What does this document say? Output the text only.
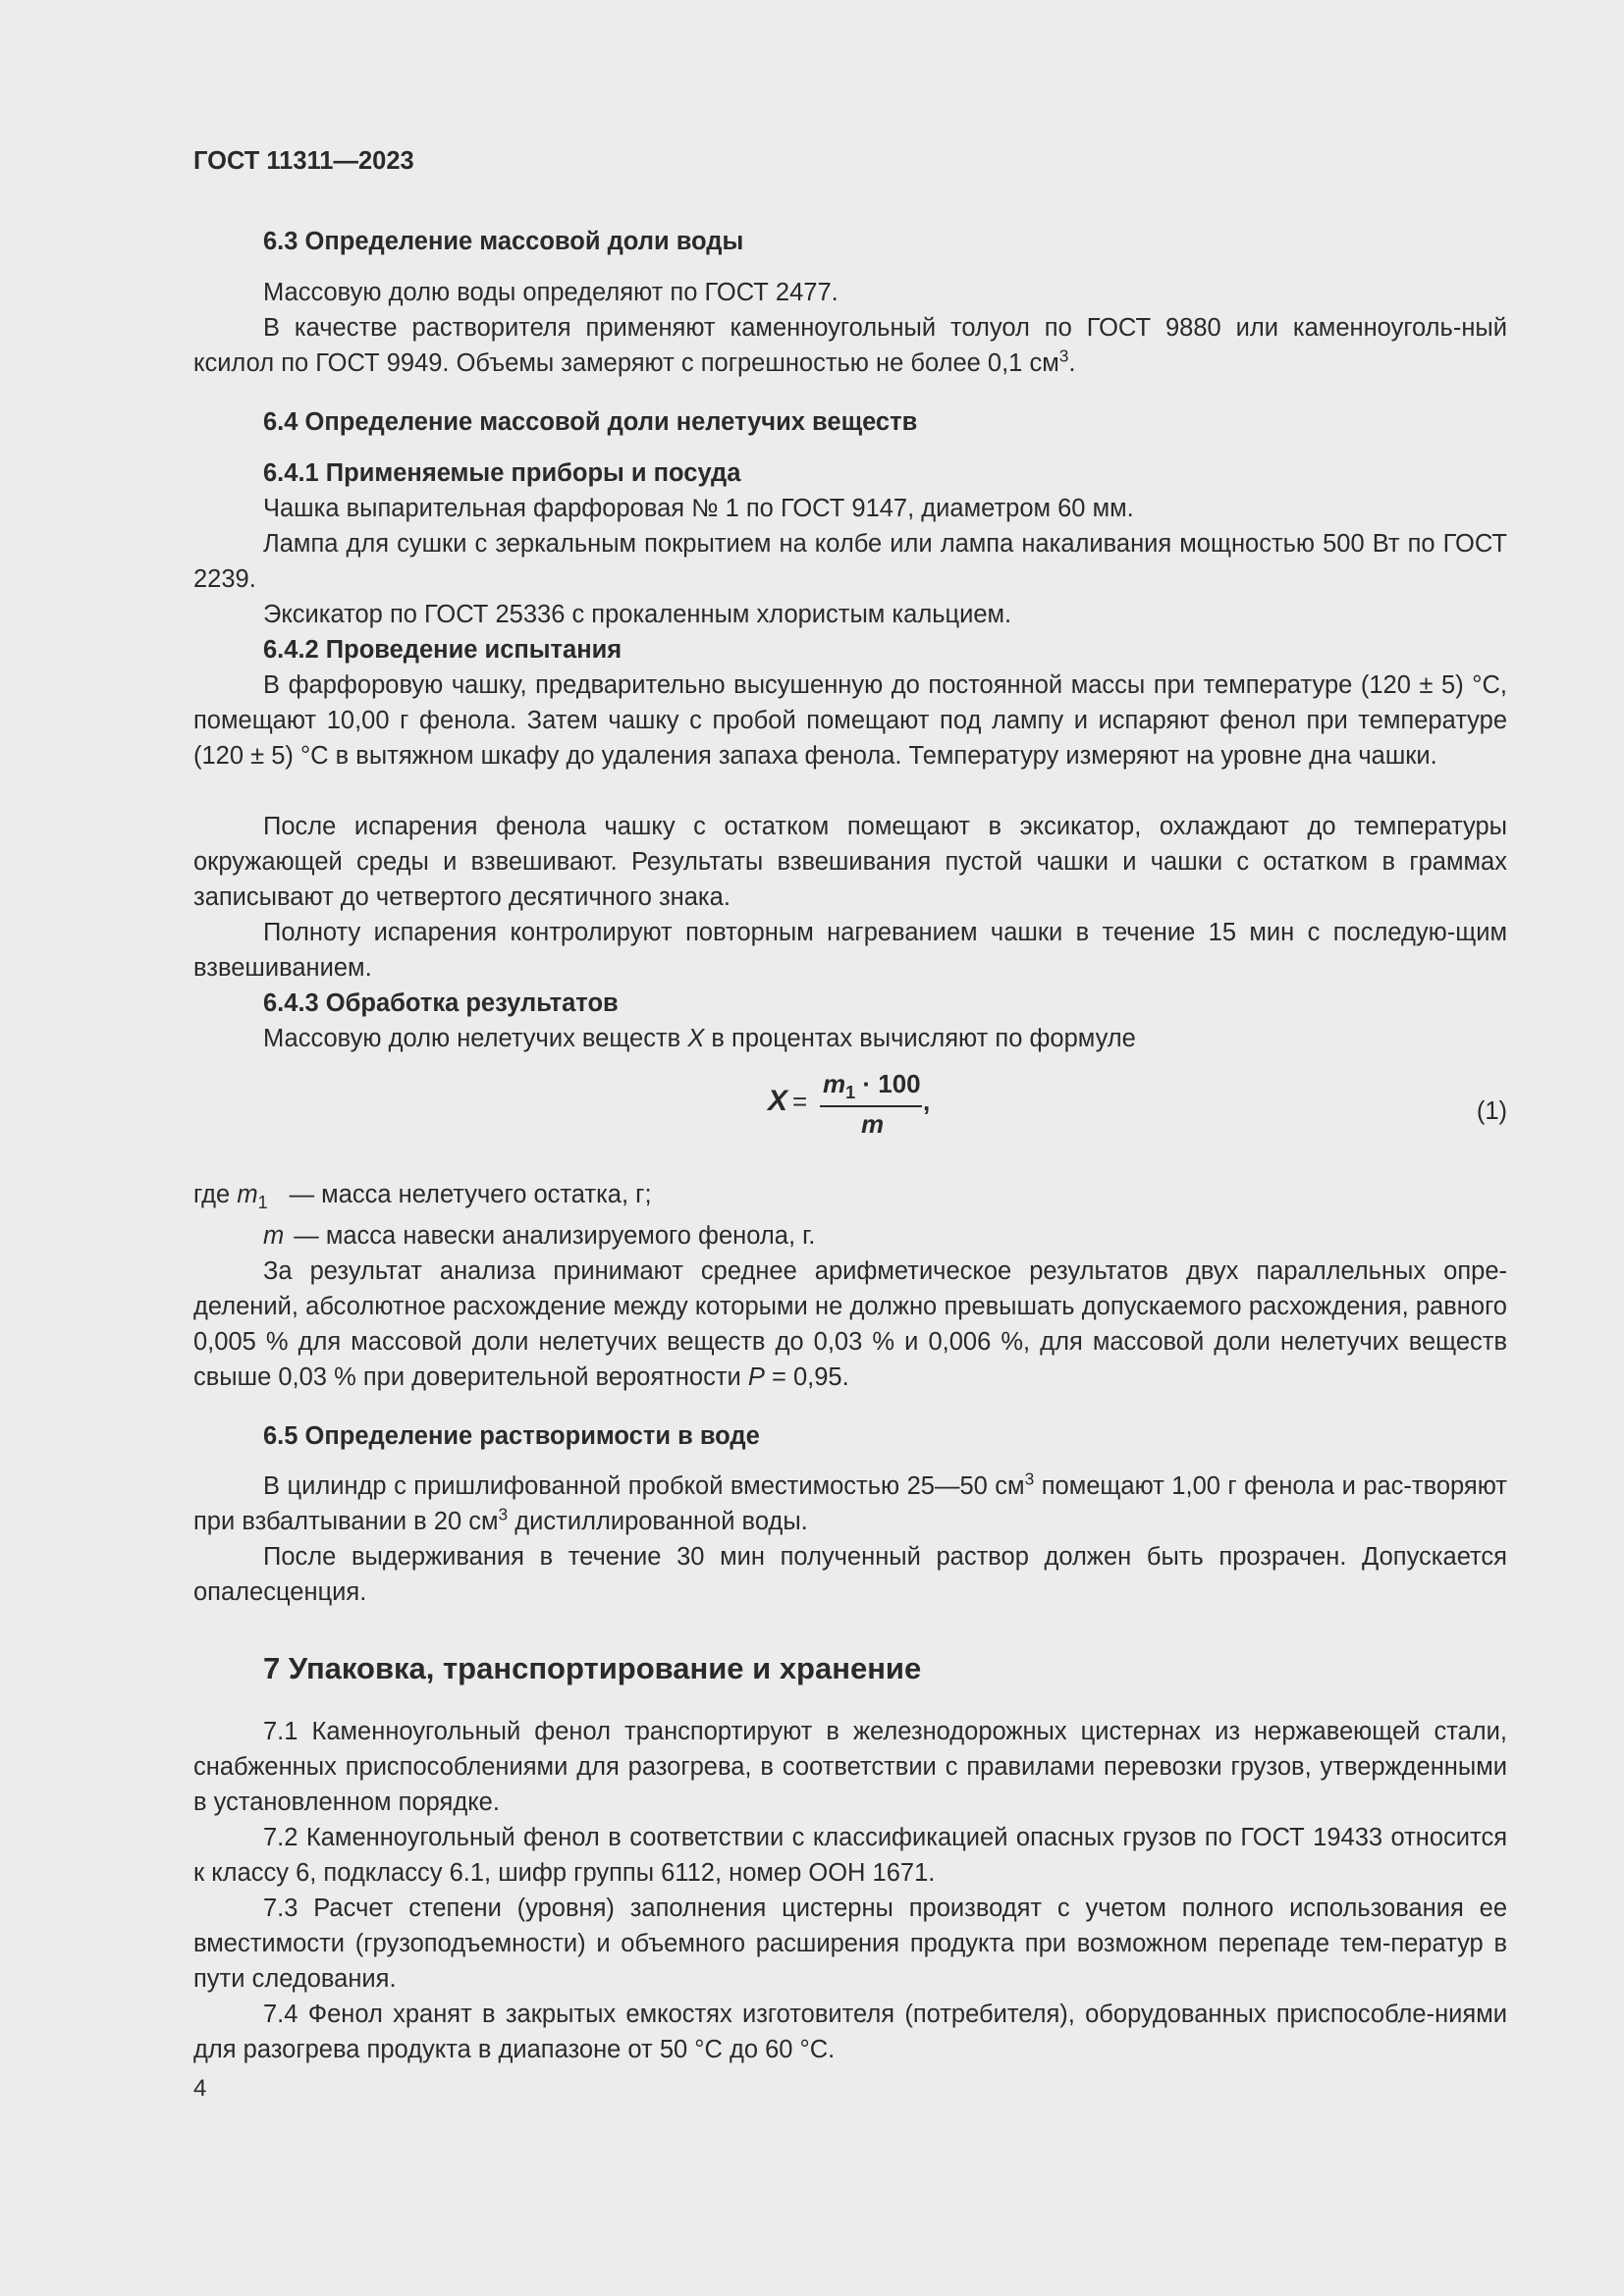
ГОСТ 11311—2023
6.3 Определение массовой доли воды

Массовую долю воды определяют по ГОСТ 2477.

В качестве растворителя применяют каменноугольный толуол по ГОСТ 9880 или каменноуголь-ный ксилол по ГОСТ 9949. Объемы замеряют с погрешностью не более 0,1 $см^3$.

6.4 Определение массовой доли нелетучих веществ
6.4.1 Применяемые приборы и посуда

Чашка выпарительная фарфоровая № 1 по ГОСТ 9147, диаметром 60 мм.

Лампа для сушки с зеркальным покрытием на колбе или лампа накаливания мощностью 500 Вт по ГОСТ 2239.

Эксикатор по ГОСТ 25336 с прокаленным хлористым кальцием.

6.4.2 Проведение испытания

В фарфоровую чашку, предварительно высушенную до постоянной массы при температуре (120 ± 5) °С, помещают 10,00 г фенола. Затем чашку с пробой помещают под лампу и испаряют фенол при температуре (120 ± 5) °С в вытяжном шкафу до удаления запаха фенола. Температуру измеряют на уровне дна чашки.

После испарения фенола чашку с остатком помещают в эксикатор, охлаждают до температуры окружающей среды и взвешивают. Результаты взвешивания пустой чашки и чашки с остатком в граммах записывают до четвертого десятичного знака.

Полноту испарения контролируют повторным нагреванием чашки в течение 15 мин с последую-щим взвешиванием.

6.4.3 Обработка результатов

Массовую долю нелетучих веществ X в процентах вычисляют по формуле

X =
$m_1 \cdot 100$
m
,	(1)
где $m_1$ — масса нелетучего остатка, г;
m — масса навески анализируемого фенола, г.

За результат анализа принимают среднее арифметическое результатов двух параллельных опре-делений, абсолютное расхождение между которыми не должно превышать допускаемого расхождения, равного 0,005 % для массовой доли нелетучих веществ до 0,03 % и 0,006 %, для массовой доли нелетучих веществ свыше 0,03 % при доверительной вероятности P = 0,95.

6.5 Определение растворимости в воде

В цилиндр с пришлифованной пробкой вместимостью 25—50 $см^3$ помещают 1,00 г фенола и рас-творяют при взбалтывании в 20 $см^3$ дистиллированной воды.

После выдерживания в течение 30 мин полученный раствор должен быть прозрачен. Допускается опалесценция.

7 Упаковка, транспортирование и хранение

7.1 Каменноугольный фенол транспортируют в железнодорожных цистернах из нержавеющей стали, снабженных приспособлениями для разогрева, в соответствии с правилами перевозки грузов, утвержденными в установленном порядке.

7.2 Каменноугольный фенол в соответствии с классификацией опасных грузов по ГОСТ 19433 относится к классу 6, подклассу 6.1, шифр группы 6112, номер ООН 1671.

7.3 Расчет степени (уровня) заполнения цистерны производят с учетом полного использования ее вместимости (грузоподъемности) и объемного расширения продукта при возможном перепаде тем-ператур в пути следования.

7.4 Фенол хранят в закрытых емкостях изготовителя (потребителя), оборудованных приспособле-ниями для разогрева продукта в диапазоне от 50 °С до 60 °С.

4
